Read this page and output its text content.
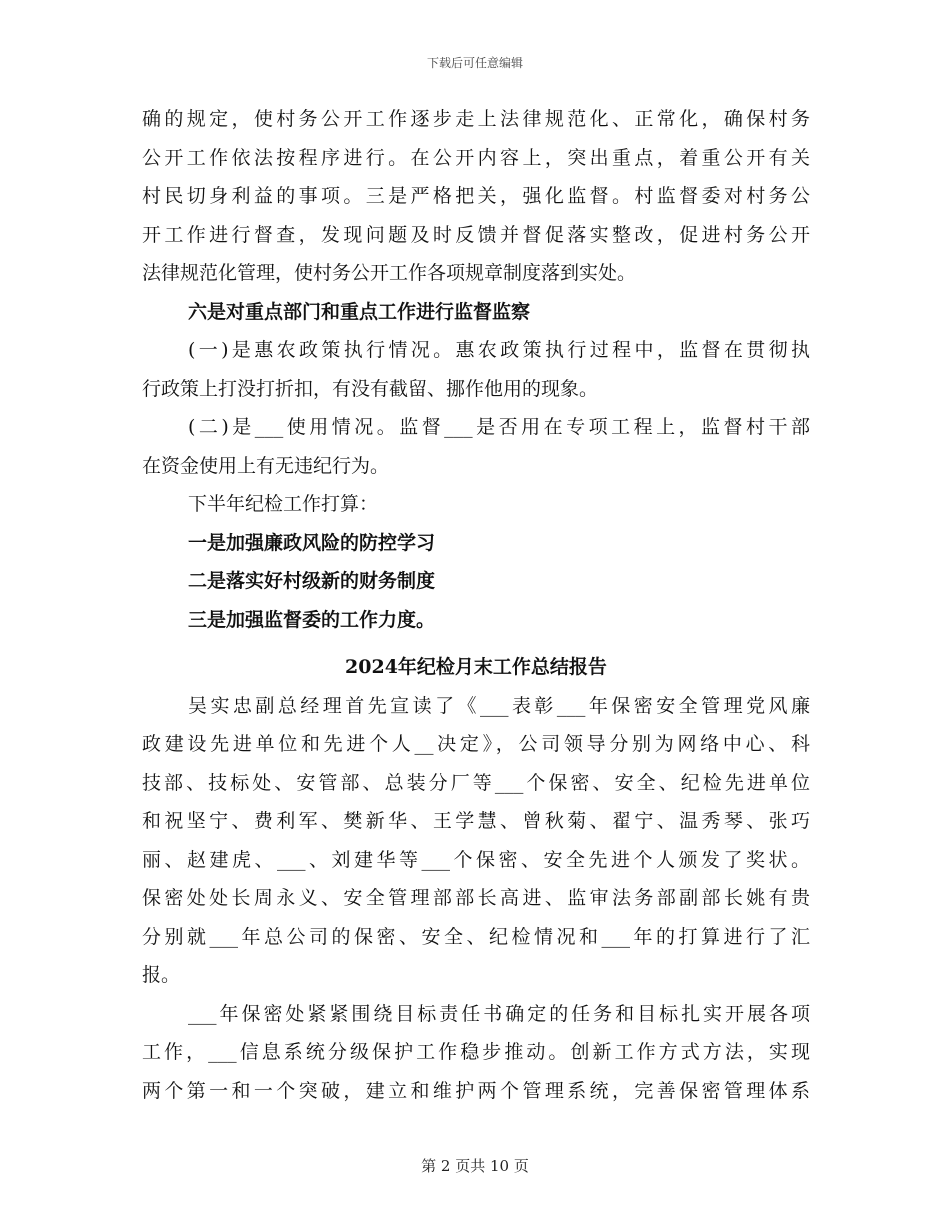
下载后可任意编辑
确的规定，使村务公开工作逐步走上法律规范化、正常化，确保村务
公开工作依法按程序进行。在公开内容上，突出重点，着重公开有关
村民切身利益的事项。三是严格把关，强化监督。村监督委对村务公
开工作进行督查，发现问题及时反馈并督促落实整改，促进村务公开
法律规范化管理，使村务公开工作各项规章制度落到实处。
六是对重点部门和重点工作进行监督监察
(一)是惠农政策执行情况。惠农政策执行过程中，监督在贯彻执
行政策上打没打折扣，有没有截留、挪作他用的现象。
(二)是___使用情况。监督___是否用在专项工程上，监督村干部
在资金使用上有无违纪行为。
下半年纪检工作打算：
一是加强廉政风险的防控学习
二是落实好村级新的财务制度
三是加强监督委的工作力度。
2024年纪检月末工作总结报告
吴实忠副总经理首先宣读了《___表彰___年保密安全管理党风廉
政建设先进单位和先进个人__决定》，公司领导分别为网络中心、科
技部、技标处、安管部、总装分厂等___个保密、安全、纪检先进单位
和祝坚宁、费利军、樊新华、王学慧、曾秋菊、翟宁、温秀琴、张巧
丽、赵建虎、___、刘建华等___个保密、安全先进个人颁发了奖状。
保密处处长周永义、安全管理部部长高进、监审法务部副部长姚有贵
分别就___年总公司的保密、安全、纪检情况和___年的打算进行了汇
报。
___年保密处紧紧围绕目标责任书确定的任务和目标扎实开展各项
工作，___信息系统分级保护工作稳步推动。创新工作方式方法，实现
两个第一和一个突破，建立和维护两个管理系统，完善保密管理体系
第 2 页共 10 页
